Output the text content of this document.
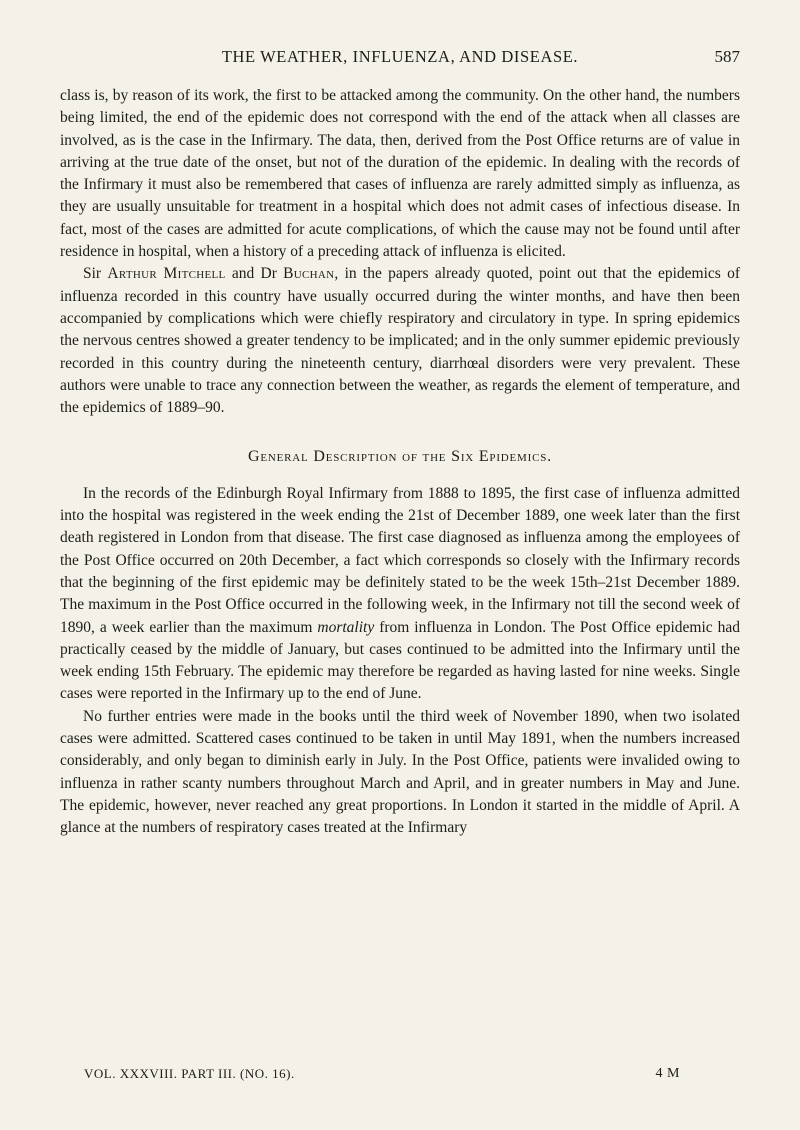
THE WEATHER, INFLUENZA, AND DISEASE.	587

class is, by reason of its work, the first to be attacked among the community. On the other hand, the numbers being limited, the end of the epidemic does not correspond with the end of the attack when all classes are involved, as is the case in the Infirmary. The data, then, derived from the Post Office returns are of value in arriving at the true date of the onset, but not of the duration of the epidemic. In dealing with the records of the Infirmary it must also be remembered that cases of influenza are rarely admitted simply as influenza, as they are usually unsuitable for treatment in a hospital which does not admit cases of infectious disease. In fact, most of the cases are admitted for acute complications, of which the cause may not be found until after residence in hospital, when a history of a preceding attack of influenza is elicited.

Sir Arthur Mitchell and Dr Buchan, in the papers already quoted, point out that the epidemics of influenza recorded in this country have usually occurred during the winter months, and have then been accompanied by complications which were chiefly respiratory and circulatory in type. In spring epidemics the nervous centres showed a greater tendency to be implicated; and in the only summer epidemic previously recorded in this country during the nineteenth century, diarrhœal disorders were very prevalent. These authors were unable to trace any connection between the weather, as regards the element of temperature, and the epidemics of 1889–90.

General Description of the Six Epidemics.

In the records of the Edinburgh Royal Infirmary from 1888 to 1895, the first case of influenza admitted into the hospital was registered in the week ending the 21st of December 1889, one week later than the first death registered in London from that disease. The first case diagnosed as influenza among the employees of the Post Office occurred on 20th December, a fact which corresponds so closely with the Infirmary records that the beginning of the first epidemic may be definitely stated to be the week 15th–21st December 1889. The maximum in the Post Office occurred in the following week, in the Infirmary not till the second week of 1890, a week earlier than the maximum mortality from influenza in London. The Post Office epidemic had practically ceased by the middle of January, but cases continued to be admitted into the Infirmary until the week ending 15th February. The epidemic may therefore be regarded as having lasted for nine weeks. Single cases were reported in the Infirmary up to the end of June.

No further entries were made in the books until the third week of November 1890, when two isolated cases were admitted. Scattered cases continued to be taken in until May 1891, when the numbers increased considerably, and only began to diminish early in July. In the Post Office, patients were invalided owing to influenza in rather scanty numbers throughout March and April, and in greater numbers in May and June. The epidemic, however, never reached any great proportions. In London it started in the middle of April. A glance at the numbers of respiratory cases treated at the Infirmary

VOL. XXXVIII. PART III. (NO. 16).	4 M
